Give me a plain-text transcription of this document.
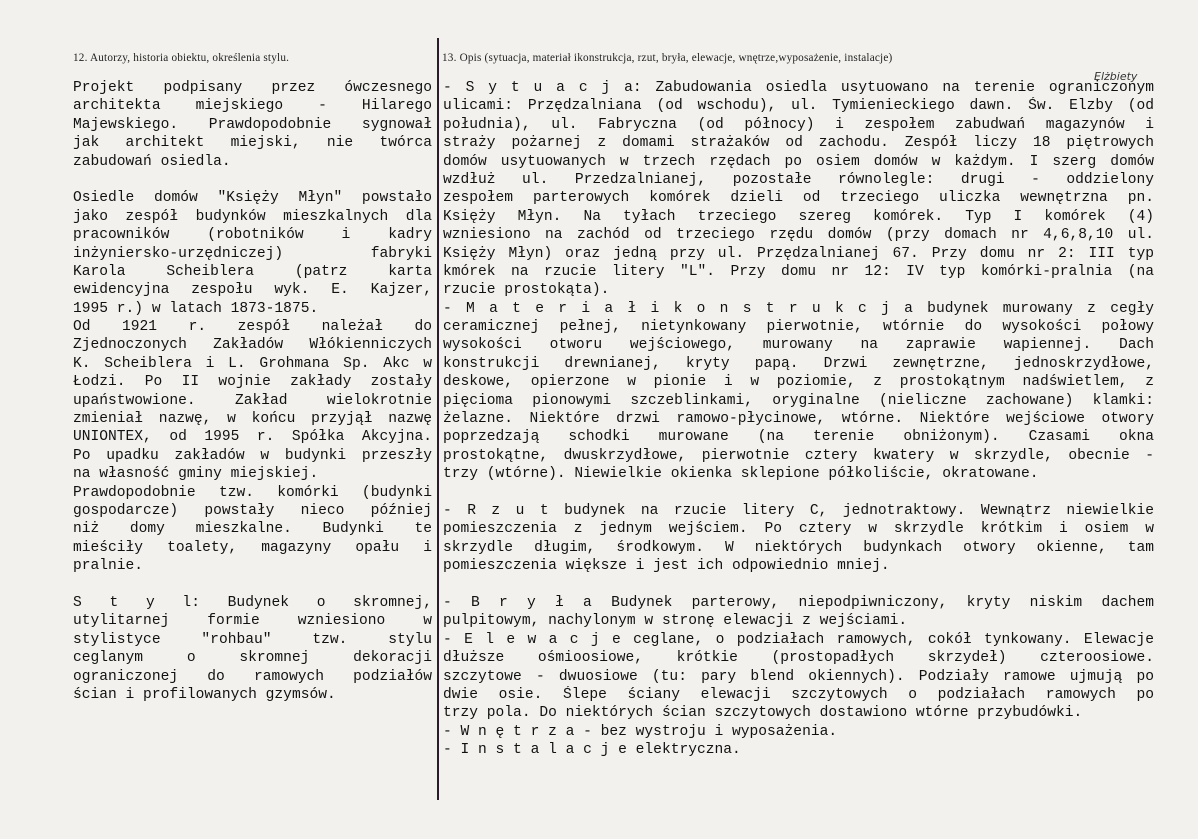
12. Autorzy, historia obiektu, określenia stylu.	13. Opis (sytuacja, materiał ikonstrukcja, rzut, bryła, elewacje, wnętrze,wyposażenie, instalacje)
Elżbiety
Projekt podpisany przez ówczesnego
architekta miejskiego - Hilarego
Majewskiego. Prawdopodobnie sygnował
jak architekt miejski, nie twórca
zabudowań osiedla.
Osiedle domów "Księży Młyn" powstało
jako zespół budynków mieszkalnych dla
pracowników (robotników i kadry
inżyniersko-urzędniczej) fabryki
Karola Scheiblera (patrz karta
ewidencyjna zespołu wyk. E. Kajzer,
1995 r.) w latach 1873-1875.
Od 1921 r. zespół należał do
Zjednoczonych Zakładów Włókienniczych
K. Scheiblera i L. Grohmana Sp. Akc w
Łodzi. Po II wojnie zakłady zostały
upaństwowione. Zakład wielokrotnie
zmieniał nazwę, w końcu przyjął nazwę
UNIONTEX, od 1995 r. Spółka Akcyjna.
Po upadku zakładów w budynki przeszły
na własność gminy miejskiej.
Prawdopodobnie tzw. komórki (budynki
gospodarcze) powstały nieco później
niż domy mieszkalne. Budynki te
mieściły toalety, magazyny opału i
pralnie.
S t y l: Budynek o skromnej,
utylitarnej formie wzniesiono w
stylistyce "rohbau" tzw. stylu
ceglanym o skromnej dekoracji
ograniczonej do ramowych podziałów
ścian i profilowanych gzymsów.
- S y t u a c j a: Zabudowania osiedla usytuowano na terenie ograniczonym
ulicami: Przędzalniana (od wschodu), ul. Tymienieckiego dawn. Św. Elzby (od
południa), ul. Fabryczna (od północy) i zespołem zabudwań magazynów i
straży pożarnej z domami strażaków od zachodu. Zespół liczy 18 piętrowych
domów usytuowanych w trzech rzędach po osiem domów w każdym. I szerg domów
wzdłuż ul. Przedzalnianej, pozostałe równolegle: drugi - oddzielony
zespołem parterowych komórek dzieli od trzeciego uliczka wewnętrzna pn.
Księży Młyn. Na tyłach trzeciego szereg komórek. Typ I komórek (4)
wzniesiono na zachód od trzeciego rzędu domów (przy domach nr 4,6,8,10 ul.
Księży Młyn) oraz jedną przy ul. Przędzalnianej 67. Przy domu nr 2: III typ
kmórek na rzucie litery "L". Przy domu nr 12: IV typ komórki-pralnia (na
rzucie prostokąta).
- M a t e r i a ł i k o n s t r u k c j a budynek murowany z cegły
ceramicznej pełnej, nietynkowany pierwotnie, wtórnie do wysokości połowy
wysokości otworu wejściowego, murowany na zaprawie wapiennej. Dach
konstrukcji drewnianej, kryty papą. Drzwi zewnętrzne, jednoskrzydłowe,
deskowe, opierzone w pionie i w poziomie, z prostokątnym nadświetlem, z
pięcioma pionowymi szczeblinkami, oryginalne (nieliczne zachowane) klamki:
żelazne. Niektóre drzwi ramowo-płycinowe, wtórne. Niektóre wejściowe otwory
poprzedzają schodki murowane (na terenie obniżonym). Czasami okna
prostokątne, dwuskrzydłowe, pierwotnie cztery kwatery w skrzydle, obecnie -
trzy (wtórne). Niewielkie okienka sklepione półkoliście, okratowane.
- R z u t budynek na rzucie litery C, jednotraktowy. Wewnątrz niewielkie
pomieszczenia z jednym wejściem. Po cztery w skrzydle krótkim i osiem w
skrzydle długim, środkowym. W niektórych budynkach otwory okienne, tam
pomieszczenia większe i jest ich odpowiednio mniej.
- B r y ł a Budynek parterowy, niepodpiwniczony, kryty niskim dachem
pulpitowym, nachylonym w stronę elewacji z wejściami.
- E l e w a c j e ceglane, o podziałach ramowych, cokół tynkowany. Elewacje
dłuższe ośmioosiowe, krótkie (prostopadłych skrzydeł) czteroosiowe.
szczytowe - dwuosiowe (tu: pary blend okiennych). Podziały ramowe ujmują po
dwie osie. Ślepe ściany elewacji szczytowych o podziałach ramowych po
trzy pola. Do niektórych ścian szczytowych dostawiono wtórne przybudówki.
- W n ę t r z a - bez wystroju i wyposażenia.
- I n s t a l a c j e elektryczna.
